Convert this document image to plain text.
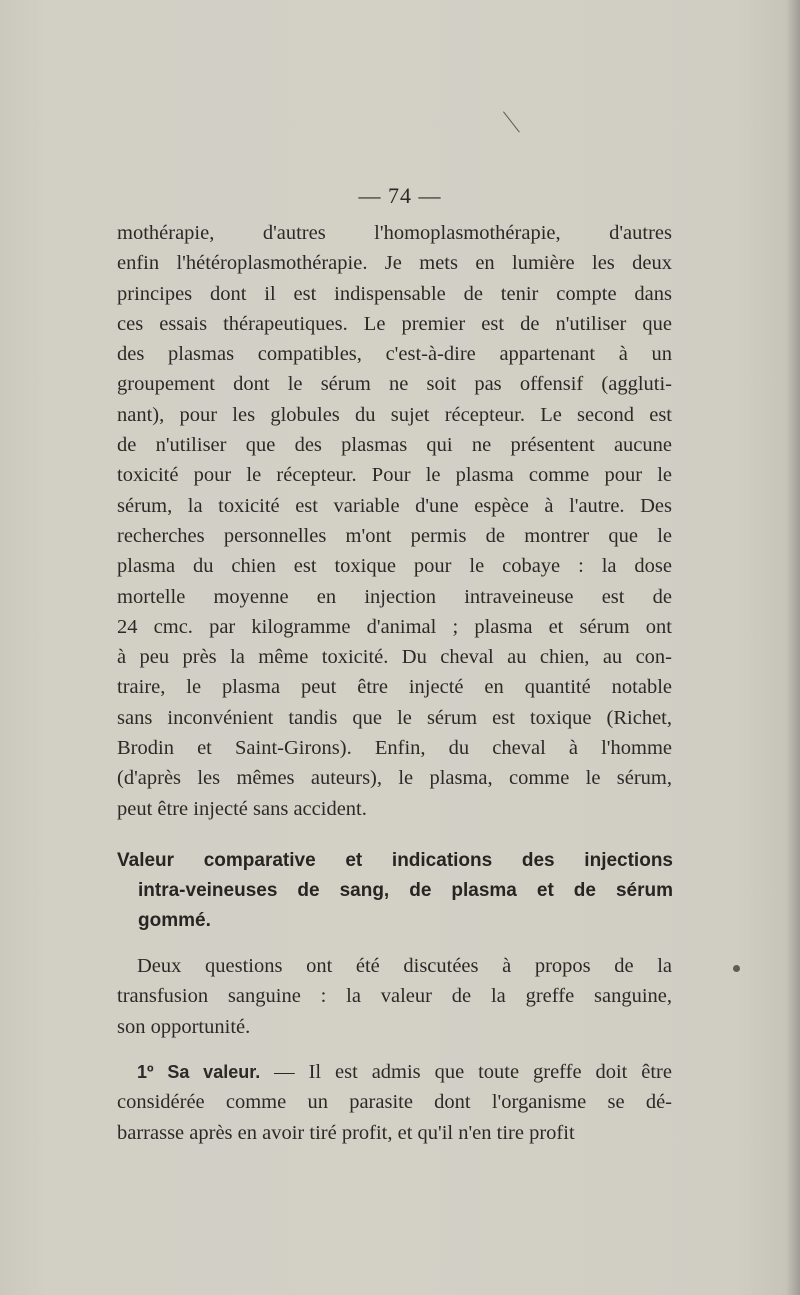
— 74 —
mothérapie, d'autres l'homoplasmothérapie, d'autres
enfin l'hétéroplasmothérapie. Je mets en lumière les deux
principes dont il est indispensable de tenir compte dans
ces essais thérapeutiques. Le premier est de n'utiliser que
des plasmas compatibles, c'est-à-dire appartenant à un
groupement dont le sérum ne soit pas offensif (aggluti-
nant), pour les globules du sujet récepteur. Le second est
de n'utiliser que des plasmas qui ne présentent aucune
toxicité pour le récepteur. Pour le plasma comme pour le
sérum, la toxicité est variable d'une espèce à l'autre. Des
recherches personnelles m'ont permis de montrer que le
plasma du chien est toxique pour le cobaye : la dose
mortelle moyenne en injection intraveineuse est de
24 cmc. par kilogramme d'animal ; plasma et sérum ont
à peu près la même toxicité. Du cheval au chien, au con-
traire, le plasma peut être injecté en quantité notable
sans inconvénient tandis que le sérum est toxique (Richet,
Brodin et Saint-Girons). Enfin, du cheval à l'homme
(d'après les mêmes auteurs), le plasma, comme le sérum,
peut être injecté sans accident.
Valeur comparative et indications des injections
intra-veineuses de sang, de plasma et de sérum
gommé.
Deux questions ont été discutées à propos de la
transfusion sanguine : la valeur de la greffe sanguine,
son opportunité.
1º Sa valeur. — Il est admis que toute greffe doit être
considérée comme un parasite dont l'organisme se dé-
barrasse après en avoir tiré profit, et qu'il n'en tire profit
